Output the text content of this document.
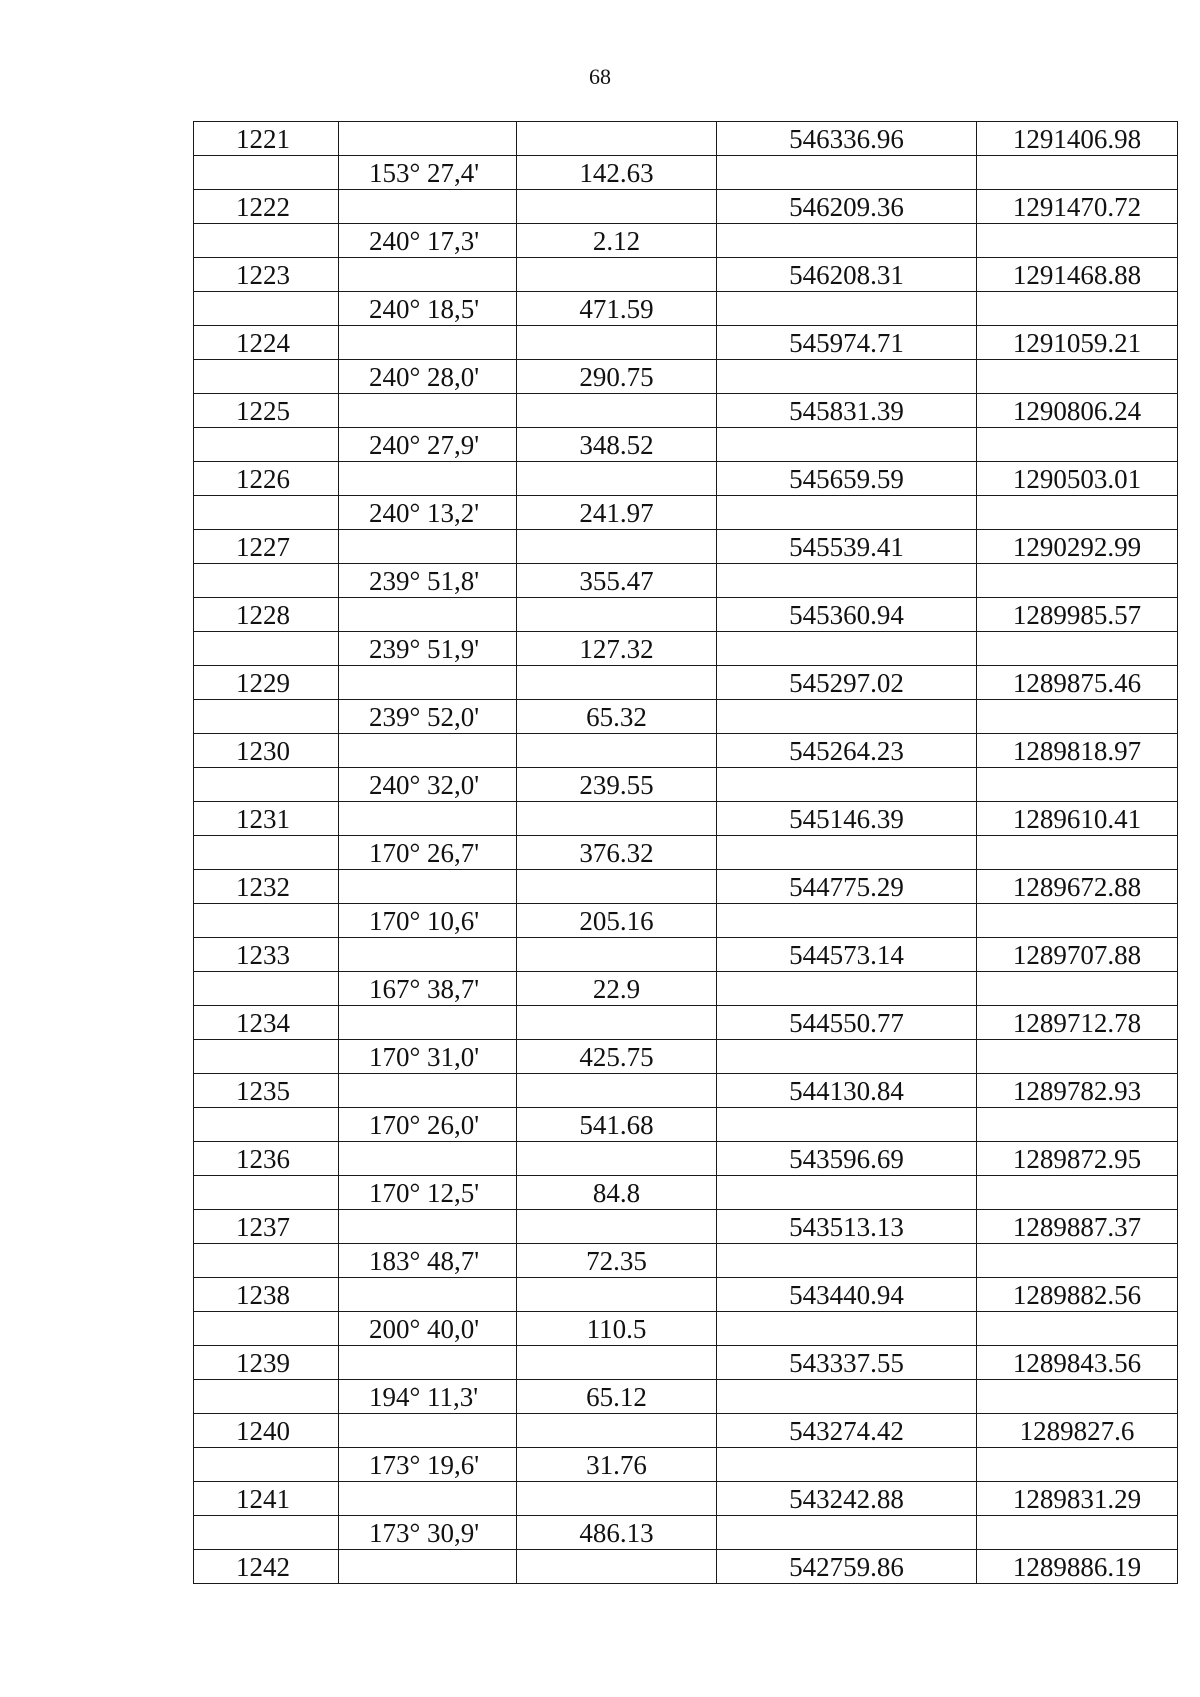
68
1221			546336.96	1291406.98
	153° 27,4'	142.63		
1222			546209.36	1291470.72
	240° 17,3'	2.12		
1223			546208.31	1291468.88
	240° 18,5'	471.59		
1224			545974.71	1291059.21
	240° 28,0'	290.75		
1225			545831.39	1290806.24
	240° 27,9'	348.52		
1226			545659.59	1290503.01
	240° 13,2'	241.97		
1227			545539.41	1290292.99
	239° 51,8'	355.47		
1228			545360.94	1289985.57
	239° 51,9'	127.32		
1229			545297.02	1289875.46
	239° 52,0'	65.32		
1230			545264.23	1289818.97
	240° 32,0'	239.55		
1231			545146.39	1289610.41
	170° 26,7'	376.32		
1232			544775.29	1289672.88
	170° 10,6'	205.16		
1233			544573.14	1289707.88
	167° 38,7'	22.9		
1234			544550.77	1289712.78
	170° 31,0'	425.75		
1235			544130.84	1289782.93
	170° 26,0'	541.68		
1236			543596.69	1289872.95
	170° 12,5'	84.8		
1237			543513.13	1289887.37
	183° 48,7'	72.35		
1238			543440.94	1289882.56
	200° 40,0'	110.5		
1239			543337.55	1289843.56
	194° 11,3'	65.12		
1240			543274.42	1289827.6
	173° 19,6'	31.76		
1241			543242.88	1289831.29
	173° 30,9'	486.13		
1242			542759.86	1289886.19
